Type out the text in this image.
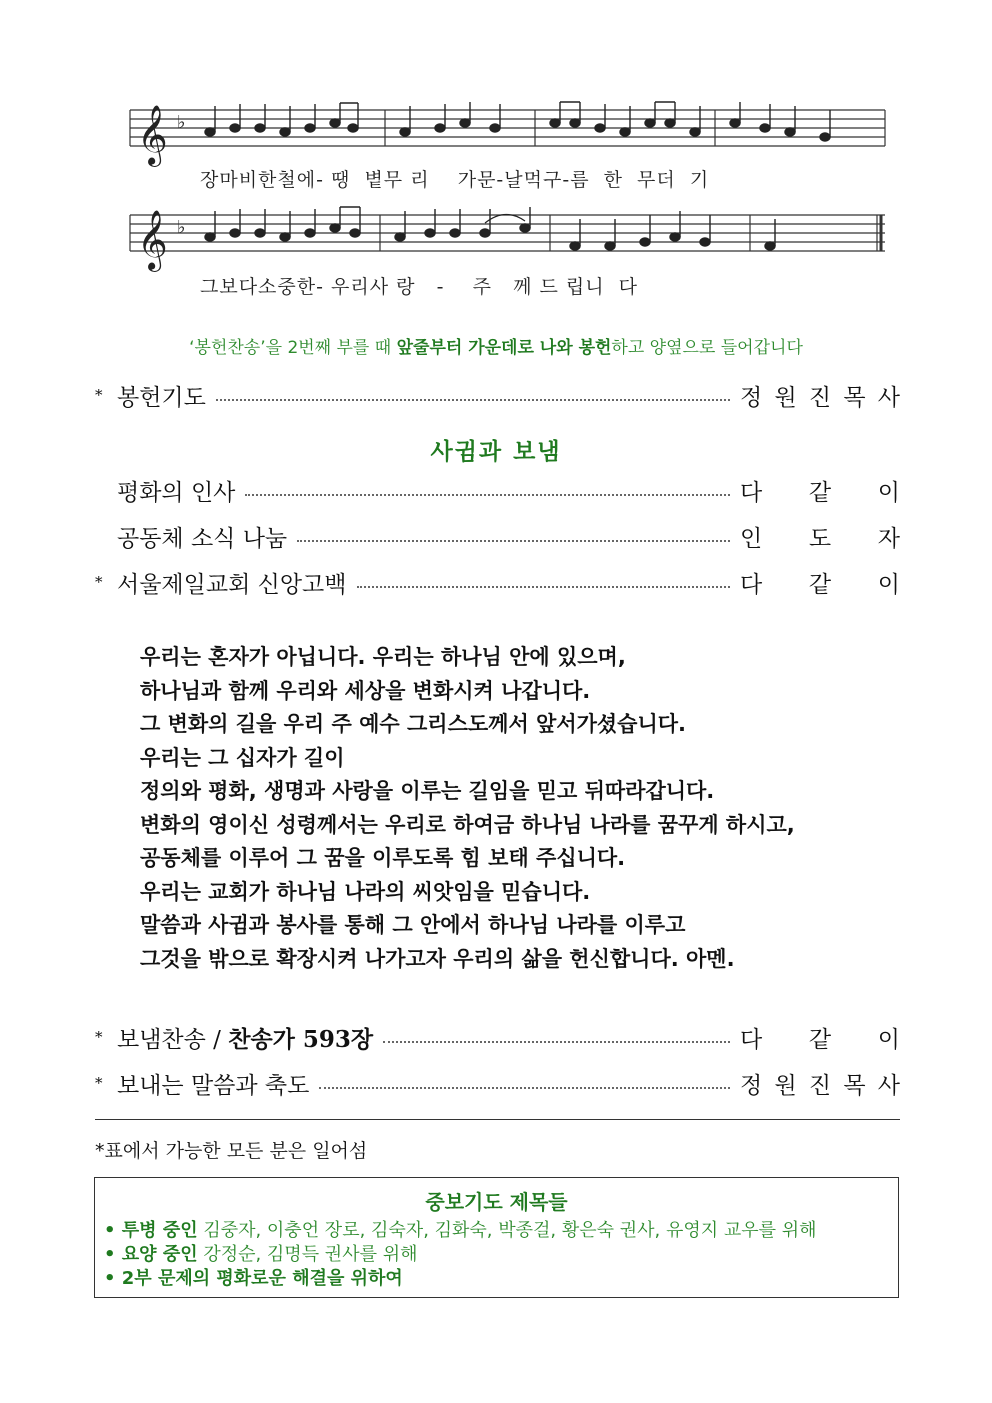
𝄞 ♭
장마비한철에- 땡  볕무 리    가문-날먹구-름  한  무더  기
𝄞 ♭
그보다소중한- 우리사 랑   -    주   께 드 립니  다
‘봉헌찬송’을 2번째 부를 때 앞줄부터 가운데로 나와 봉헌하고 양옆으로 들어갑니다
* 봉헌기도	정 원 진 목 사
사귐과 보냄
평화의 인사	다 같 이
공동체 소식 나눔	인 도 자
* 서울제일교회 신앙고백	다 같 이
우리는 혼자가 아닙니다. 우리는 하나님 안에 있으며,
하나님과 함께 우리와 세상을 변화시켜 나갑니다.
그 변화의 길을 우리 주 예수 그리스도께서 앞서가셨습니다.
우리는 그 십자가 길이
정의와 평화, 생명과 사랑을 이루는 길임을 믿고 뒤따라갑니다.
변화의 영이신 성령께서는 우리로 하여금 하나님 나라를 꿈꾸게 하시고,
공동체를 이루어 그 꿈을 이루도록 힘 보태 주십니다.
우리는 교회가 하나님 나라의 씨앗임을 믿습니다.
말씀과 사귐과 봉사를 통해 그 안에서 하나님 나라를 이루고
그것을 밖으로 확장시켜 나가고자 우리의 삶을 헌신합니다. 아멘.
* 보냄찬송 / 찬송가 593장	다 같 이
* 보내는 말씀과 축도	정 원 진 목 사
*표에서 가능한 모든 분은 일어섬
중보기도 제목들
• 투병 중인 김중자, 이충언 장로, 김숙자, 김화숙, 박종걸, 황은숙 권사, 유영지 교우를 위해
• 요양 중인 강정순, 김명득 권사를 위해
• 2부 문제의 평화로운 해결을 위하여
